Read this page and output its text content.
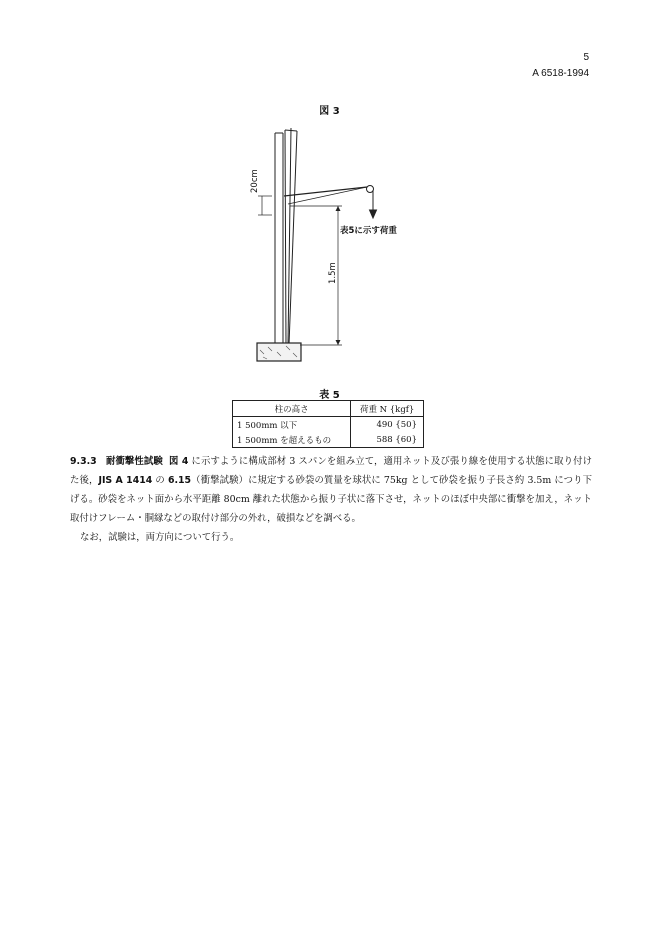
5
A 6518-1994
図 3
20cm
1.5m
表5に示す荷重
表 5
柱の高さ	荷重 N {kgf}
1 500mm 以下	490 {50}
1 500mm を超えるもの	588 {60}

9.3.3 耐衝撃性試験 図 4 に示すように構成部材 3 スパンを組み立て，適用ネット及び張り線を使用する状態に取り付けた後，JIS A 1414 の 6.15（衝撃試験）に規定する砂袋の質量を球状に 75kg として砂袋を振り子長さ約 3.5m につり下げる。砂袋をネット面から水平距離 80cm 離れた状態から振り子状に落下させ，ネットのほぼ中央部に衝撃を加え，ネット取付けフレーム・胴縁などの取付け部分の外れ，破損などを調べる。

なお，試験は，両方向について行う。
